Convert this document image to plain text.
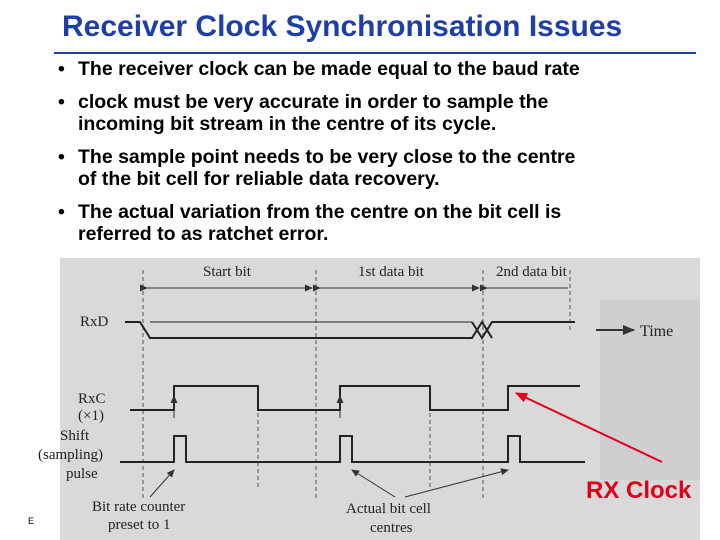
Receiver Clock Synchronisation Issues
• The receiver clock can be made equal to the baud rate
• clock must be very accurate in order to sample the
incoming bit stream in the centre of its cycle.
• The sample point needs to be very close to the centre
of the bit cell for reliable data recovery.
• The actual variation from the centre on the bit cell is
referred to as ratchet error.
Start bit	1st data bit	2nd data bit
RxD
Time
RxC
(×1)
Shift
(sampling)
pulse
Bit rate counter
preset to 1
Actual bit cell
centres
RX Clock
E
